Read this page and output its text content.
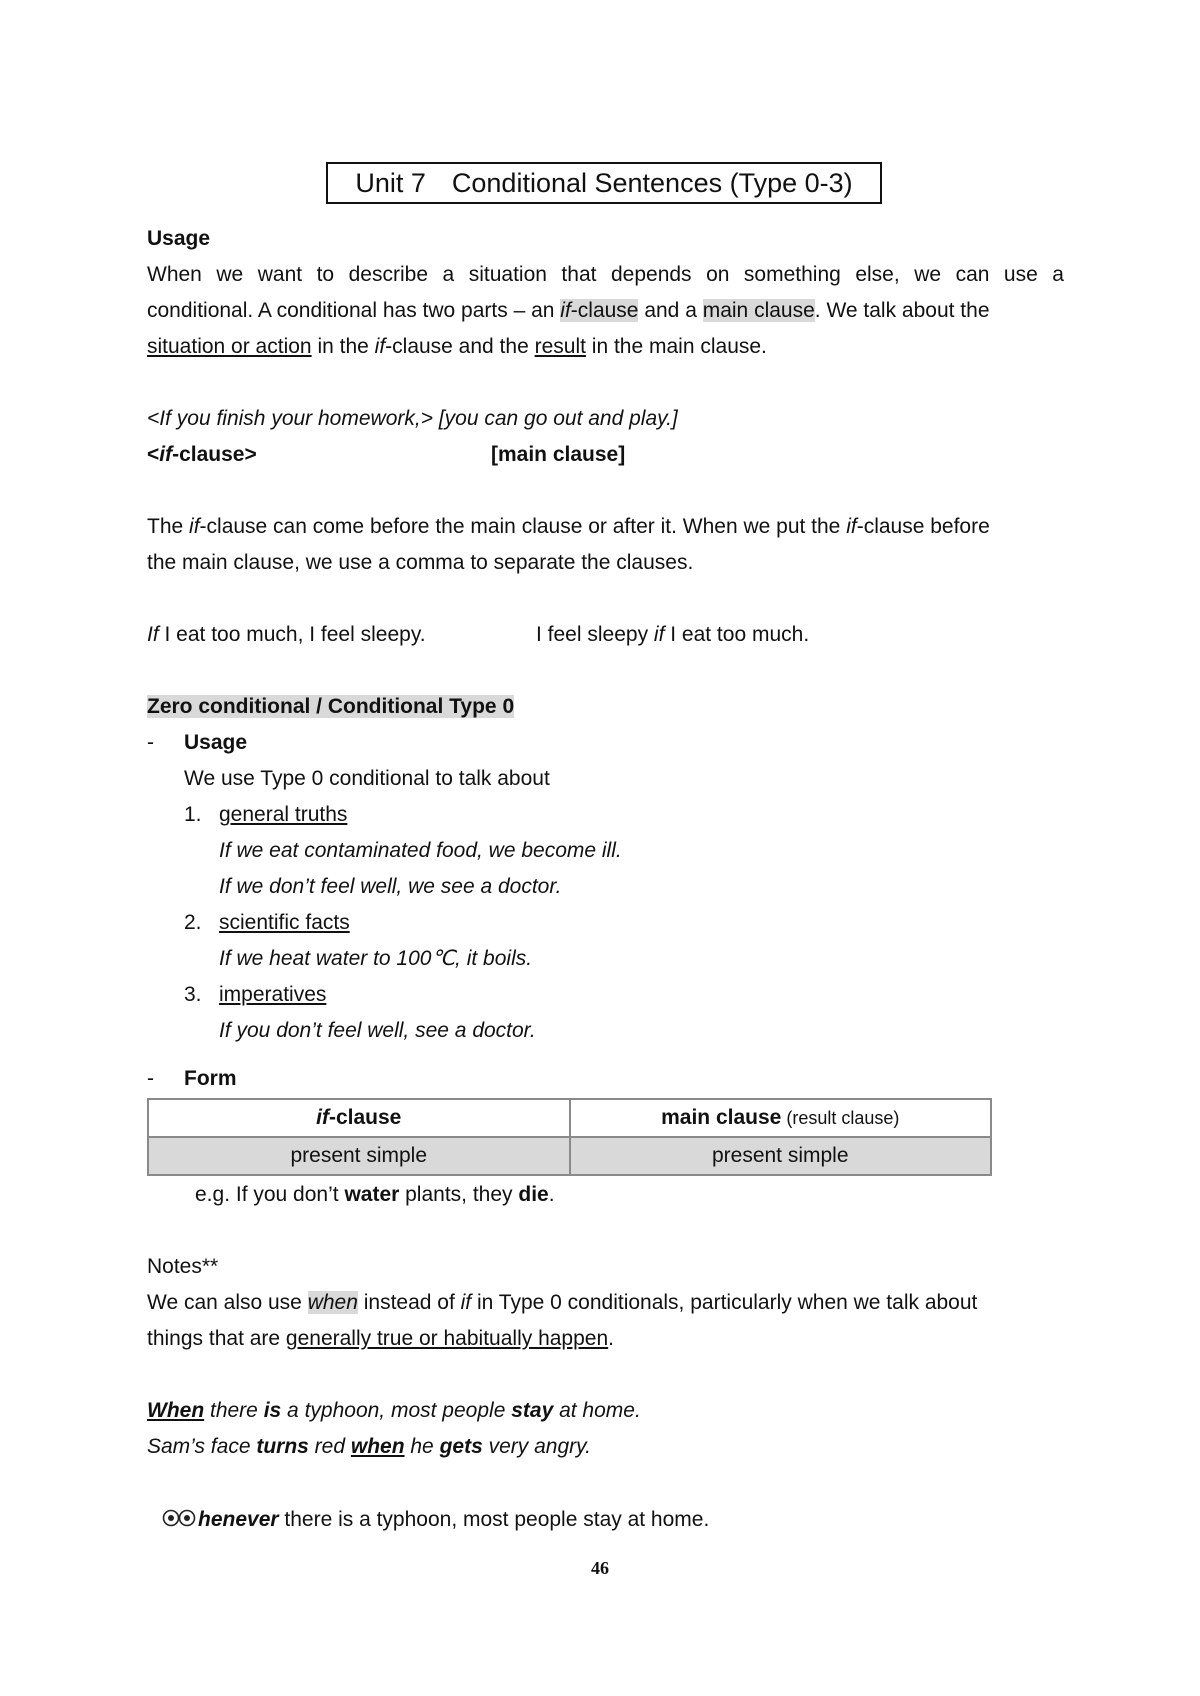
Unit 7 Conditional Sentences (Type 0-3)
Usage
When we want to describe a situation that depends on something else, we can use a
conditional. A conditional has two parts – an if-clause and a main clause. We talk about the
situation or action in the if-clause and the result in the main clause.
<If you finish your homework,> [you can go out and play.]
<if-clause>	[main clause]
The if-clause can come before the main clause or after it. When we put the if-clause before
the main clause, we use a comma to separate the clauses.
If I eat too much, I feel sleepy.	I feel sleepy if I eat too much.
Zero conditional / Conditional Type 0
- Usage
We use Type 0 conditional to talk about
1. general truths
If we eat contaminated food, we become ill.
If we don’t feel well, we see a doctor.
2. scientific facts
If we heat water to 100℃, it boils.
3. imperatives
If you don’t feel well, see a doctor.
- Form
if-clause	main clause (result clause)
present simple	present simple
e.g. If you don’t water plants, they die.
Notes**
We can also use when instead of if in Type 0 conditionals, particularly when we talk about
things that are generally true or habitually happen.
When there is a typhoon, most people stay at home.
Sam’s face turns red when he gets very angry.
henever there is a typhoon, most people stay at home.
46
